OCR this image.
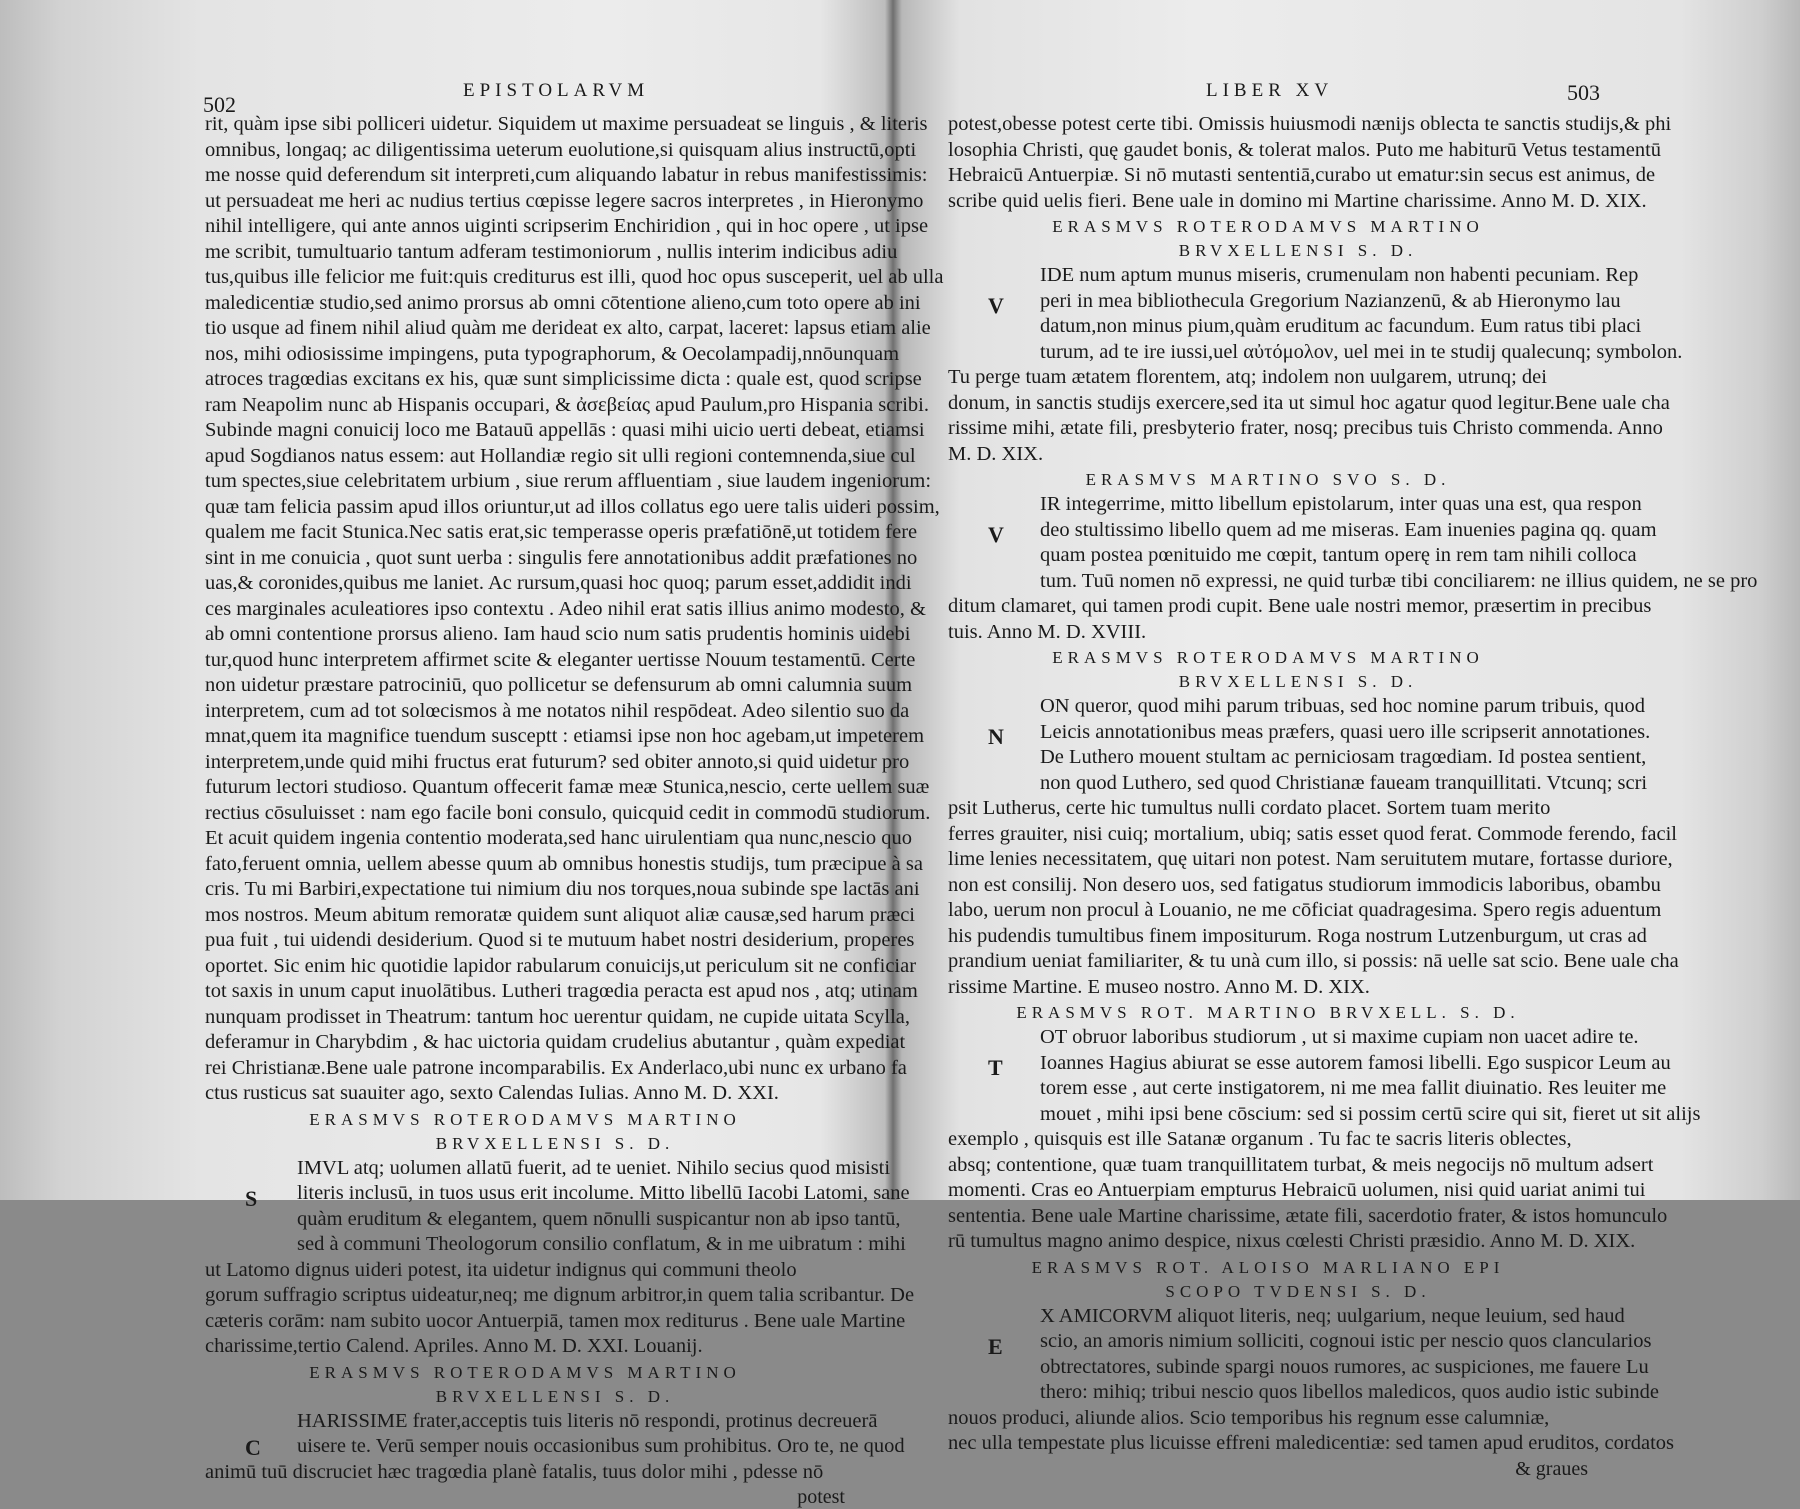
502
EPISTOLARVM
rit, quàm ipse sibi polliceri uidetur. Siquidem ut maxime persuadeat se linguis , & literis
omnibus, longaq; ac diligentissima ueterum euolutione,si quisquam alius instructū,opti
me nosse quid deferendum sit interpreti,cum aliquando labatur in rebus manifestissimis:
ut persuadeat me heri ac nudius tertius cœpisse legere sacros interpretes , in Hieronymo
nihil intelligere, qui ante annos uiginti scripserim Enchiridion , qui in hoc opere , ut ipse
me scribit, tumultuario tantum adferam testimoniorum , nullis interim indicibus adiu
tus,quibus ille felicior me fuit:quis crediturus est illi, quod hoc opus susceperit, uel ab ulla
maledicentiæ studio,sed animo prorsus ab omni cōtentione alieno,cum toto opere ab ini
tio usque ad finem nihil aliud quàm me derideat ex alto, carpat, laceret: lapsus etiam alie
nos, mihi odiosissime impingens, puta typographorum, & Oecolampadij,nnōunquam
atroces tragœdias excitans ex his, quæ sunt simplicissime dicta : quale est, quod scripse
ram Neapolim nunc ab Hispanis occupari, & ἀσεβείας apud Paulum,pro Hispania scribi.
Subinde magni conuicij loco me Batauū appellās : quasi mihi uicio uerti debeat, etiamsi
apud Sogdianos natus essem: aut Hollandiæ regio sit ulli regioni contemnenda,siue cul
tum spectes,siue celebritatem urbium , siue rerum affluentiam , siue laudem ingeniorum:
quæ tam felicia passim apud illos oriuntur,ut ad illos collatus ego uere talis uideri possim,
qualem me facit Stunica.Nec satis erat,sic temperasse operis præfatiōnē,ut totidem fere
sint in me conuicia , quot sunt uerba : singulis fere annotationibus addit præfationes no
uas,& coronides,quibus me laniet. Ac rursum,quasi hoc quoq; parum esset,addidit indi
ces marginales aculeatiores ipso contextu . Adeo nihil erat satis illius animo modesto, &
ab omni contentione prorsus alieno. Iam haud scio num satis prudentis hominis uidebi
tur,quod hunc interpretem affirmet scite & eleganter uertisse Nouum testamentū. Certe
non uidetur præstare patrociniū, quo pollicetur se defensurum ab omni calumnia suum
interpretem, cum ad tot solœcismos à me notatos nihil respōdeat. Adeo silentio suo da
mnat,quem ita magnifice tuendum susceptt : etiamsi ipse non hoc agebam,ut impeterem
interpretem,unde quid mihi fructus erat futurum? sed obiter annoto,si quid uidetur pro
futurum lectori studioso. Quantum offecerit famæ meæ Stunica,nescio, certe uellem suæ
rectius cōsuluisset : nam ego facile boni consulo, quicquid cedit in commodū studiorum.
Et acuit quidem ingenia contentio moderata,sed hanc uirulentiam qua nunc,nescio quo
fato,feruent omnia, uellem abesse quum ab omnibus honestis studijs, tum præcipue à sa
cris. Tu mi Barbiri,expectatione tui nimium diu nos torques,noua subinde spe lactās ani
mos nostros. Meum abitum remoratæ quidem sunt aliquot aliæ causæ,sed harum præci
pua fuit , tui uidendi desiderium. Quod si te mutuum habet nostri desiderium, properes
oportet. Sic enim hic quotidie lapidor rabularum conuicijs,ut periculum sit ne conficiar
tot saxis in unum caput inuolātibus. Lutheri tragœdia peracta est apud nos , atq; utinam
nunquam prodisset in Theatrum: tantum hoc uerentur quidam, ne cupide uitata Scylla,
deferamur in Charybdim , & hac uictoria quidam crudelius abutantur , quàm expediat
rei Christianæ.Bene uale patrone incomparabilis. Ex Anderlaco,ubi nunc ex urbano fa
ctus rusticus sat suauiter ago, sexto Calendas Iulias. Anno M. D. XXI.
ERASMVS ROTERODAMVS MARTINO
BRVXELLENSI S. D.
S
IMVL atq; uolumen allatū fuerit, ad te ueniet. Nihilo secius quod misisti
literis inclusū, in tuos usus erit incolume. Mitto libellū Iacobi Latomi, sane
quàm eruditum & elegantem, quem nōnulli suspicantur non ab ipso tantū,
sed à communi Theologorum consilio conflatum, & in me uibratum : mihi
ut Latomo dignus uideri potest, ita uidetur indignus qui communi theolo
gorum suffragio scriptus uideatur,neq; me dignum arbitror,in quem talia scribantur. De
cæteris corām: nam subito uocor Antuerpiā, tamen mox rediturus . Bene uale Martine
charissime,tertio Calend. Apriles. Anno M. D. XXI. Louanij.
ERASMVS ROTERODAMVS MARTINO
BRVXELLENSI S. D.
C
HARISSIME frater,acceptis tuis literis nō respondi, protinus decreuerā
uisere te. Verū semper nouis occasionibus sum prohibitus. Oro te, ne quod
animū tuū discruciet hæc tragœdia planè fatalis, tuus dolor mihi , pdesse nō
potest
LIBER XV	503
potest,obesse potest certe tibi. Omissis huiusmodi nænijs oblecta te sanctis studijs,& phi
losophia Christi, quę gaudet bonis, & tolerat malos. Puto me habiturū Vetus testamentū
Hebraicū Antuerpiæ. Si nō mutasti sententiā,curabo ut ematur:sin secus est animus, de
scribe quid uelis fieri. Bene uale in domino mi Martine charissime. Anno M. D. XIX.
ERASMVS ROTERODAMVS MARTINO
BRVXELLENSI S. D.
V
IDE num aptum munus miseris, crumenulam non habenti pecuniam. Rep
peri in mea bibliothecula Gregorium Nazianzenū, & ab Hieronymo lau
datum,non minus pium,quàm eruditum ac facundum. Eum ratus tibi placi
turum, ad te ire iussi,uel αὐτόμολον, uel mei in te studij qualecunq; symbolon.
Tu perge tuam ætatem florentem, atq; indolem non uulgarem, utrunq; dei
donum, in sanctis studijs exercere,sed ita ut simul hoc agatur quod legitur.Bene uale cha
rissime mihi, ætate fili, presbyterio frater, nosq; precibus tuis Christo commenda. Anno
M. D. XIX.
ERASMVS MARTINO SVO S. D.
V
IR integerrime, mitto libellum epistolarum, inter quas una est, qua respon
deo stultissimo libello quem ad me miseras. Eam inuenies pagina qq. quam
quam postea pœnituido me cœpit, tantum operę in rem tam nihili colloca
tum. Tuū nomen nō expressi, ne quid turbæ tibi conciliarem: ne illius quidem, ne se pro
ditum clamaret, qui tamen prodi cupit. Bene uale nostri memor, præsertim in precibus
tuis. Anno M. D. XVIII.
ERASMVS ROTERODAMVS MARTINO
BRVXELLENSI S. D.
N
ON queror, quod mihi parum tribuas, sed hoc nomine parum tribuis, quod
Leicis annotationibus meas præfers, quasi uero ille scripserit annotationes.
De Luthero mouent stultam ac perniciosam tragœdiam. Id postea sentient,
non quod Luthero, sed quod Christianæ faueam tranquillitati. Vtcunq; scri
psit Lutherus, certe hic tumultus nulli cordato placet. Sortem tuam merito
ferres grauiter, nisi cuiq; mortalium, ubiq; satis esset quod ferat. Commode ferendo, facil
lime lenies necessitatem, quę uitari non potest. Nam seruitutem mutare, fortasse duriore,
non est consilij. Non desero uos, sed fatigatus studiorum immodicis laboribus, obambu
labo, uerum non procul à Louanio, ne me cōficiat quadragesima. Spero regis aduentum
his pudendis tumultibus finem impositurum. Roga nostrum Lutzenburgum, ut cras ad
prandium ueniat familiariter, & tu unà cum illo, si possis: nā uelle sat scio. Bene uale cha
rissime Martine. E museo nostro. Anno M. D. XIX.
ERASMVS ROT. MARTINO BRVXELL. S. D.
T
OT obruor laboribus studiorum , ut si maxime cupiam non uacet adire te.
Ioannes Hagius abiurat se esse autorem famosi libelli. Ego suspicor Leum au
torem esse , aut certe instigatorem, ni me mea fallit diuinatio. Res leuiter me
mouet , mihi ipsi bene cōscium: sed si possim certū scire qui sit, fieret ut sit alijs
exemplo , quisquis est ille Satanæ organum . Tu fac te sacris literis oblectes,
absq; contentione, quæ tuam tranquillitatem turbat, & meis negocijs nō multum adsert
momenti. Cras eo Antuerpiam empturus Hebraicū uolumen, nisi quid uariat animi tui
sententia. Bene uale Martine charissime, ætate fili, sacerdotio frater, & istos homunculo
rū tumultus magno animo despice, nixus cœlesti Christi præsidio. Anno M. D. XIX.
ERASMVS ROT. ALOISO MARLIANO EPI
SCOPO TVDENSI S. D.
E
X AMICORVM aliquot literis, neq; uulgarium, neque leuium, sed haud
scio, an amoris nimium solliciti, cognoui istic per nescio quos clancularios
obtrectatores, subinde spargi nouos rumores, ac suspiciones, me fauere Lu
thero: mihiq; tribui nescio quos libellos maledicos, quos audio istic subinde
nouos produci, aliunde alios. Scio temporibus his regnum esse calumniæ,
nec ulla tempestate plus licuisse effreni maledicentiæ: sed tamen apud eruditos, cordatos
& graues
